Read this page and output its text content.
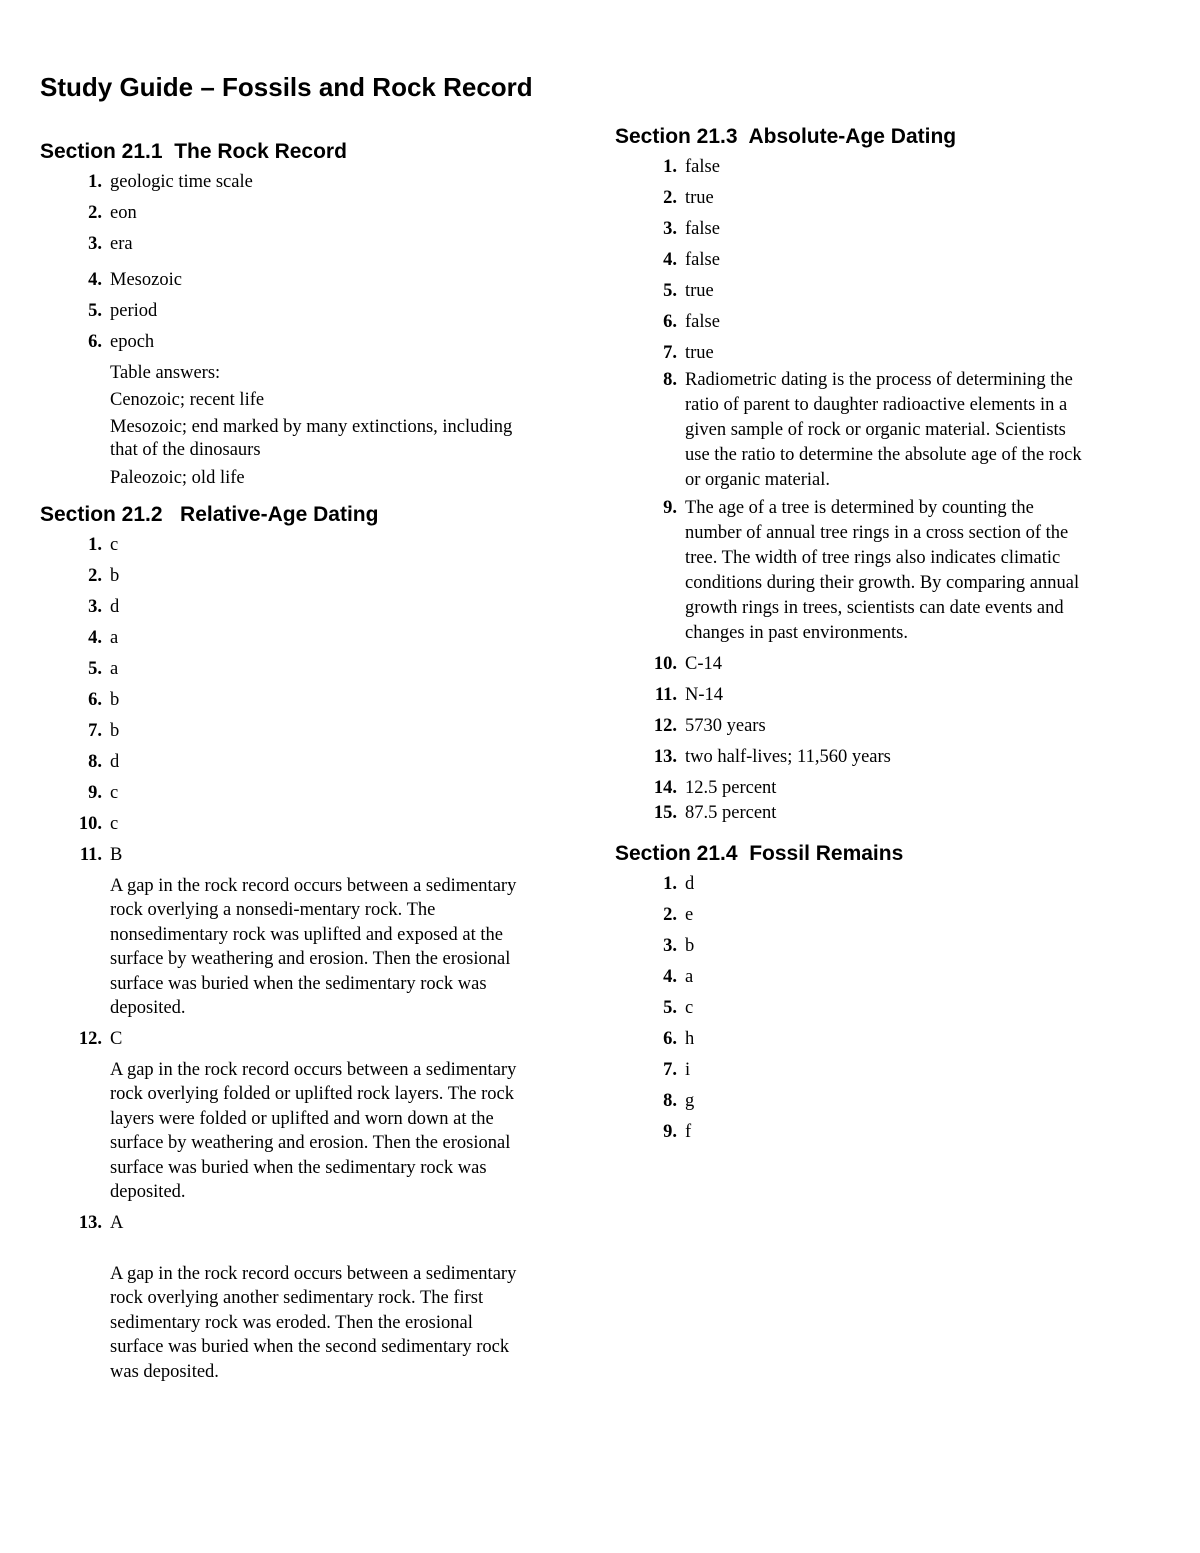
Study Guide – Fossils and Rock Record
Section 21.1  The Rock Record
1. geologic time scale
2. eon
3. era
4. Mesozoic
5. period
6. epoch
Table answers:
Cenozoic; recent life
Mesozoic; end marked by many extinctions, including that of the dinosaurs
Paleozoic; old life
Section 21.2   Relative-Age Dating
1. c
2. b
3. d
4. a
5. a
6. b
7. b
8. d
9. c
10. c
11. B
A gap in the rock record occurs between a sedimentary rock overlying a nonsedi-mentary rock. The nonsedimentary rock was uplifted and exposed at the surface by weathering and erosion. Then the erosional surface was buried when the sedimentary rock was deposited.
12. C
A gap in the rock record occurs between a sedimentary rock overlying folded or uplifted rock layers. The rock layers were folded or uplifted and worn down at the surface by weathering and erosion. Then the erosional surface was buried when the sedimentary rock was deposited.
13. A
A gap in the rock record occurs between a sedimentary rock overlying another sedimentary rock. The first sedimentary rock was eroded. Then the erosional surface was buried when the second sedimentary rock was deposited.
Section 21.3  Absolute-Age Dating
1. false
2. true
3. false
4. false
5. true
6. false
7. true
8. Radiometric dating is the process of determining the ratio of parent to daughter radioactive elements in a given sample of rock or organic material. Scientists use the ratio to determine the absolute age of the rock or organic material.
9. The age of a tree is determined by counting the number of annual tree rings in a cross section of the tree. The width of tree rings also indicates climatic conditions during their growth. By comparing annual growth rings in trees, scientists can date events and changes in past environments.
10. C-14
11. N-14
12. 5730 years
13. two half-lives; 11,560 years
14. 12.5 percent
15. 87.5 percent
Section 21.4  Fossil Remains
1. d
2. e
3. b
4. a
5. c
6. h
7. i
8. g
9. f
